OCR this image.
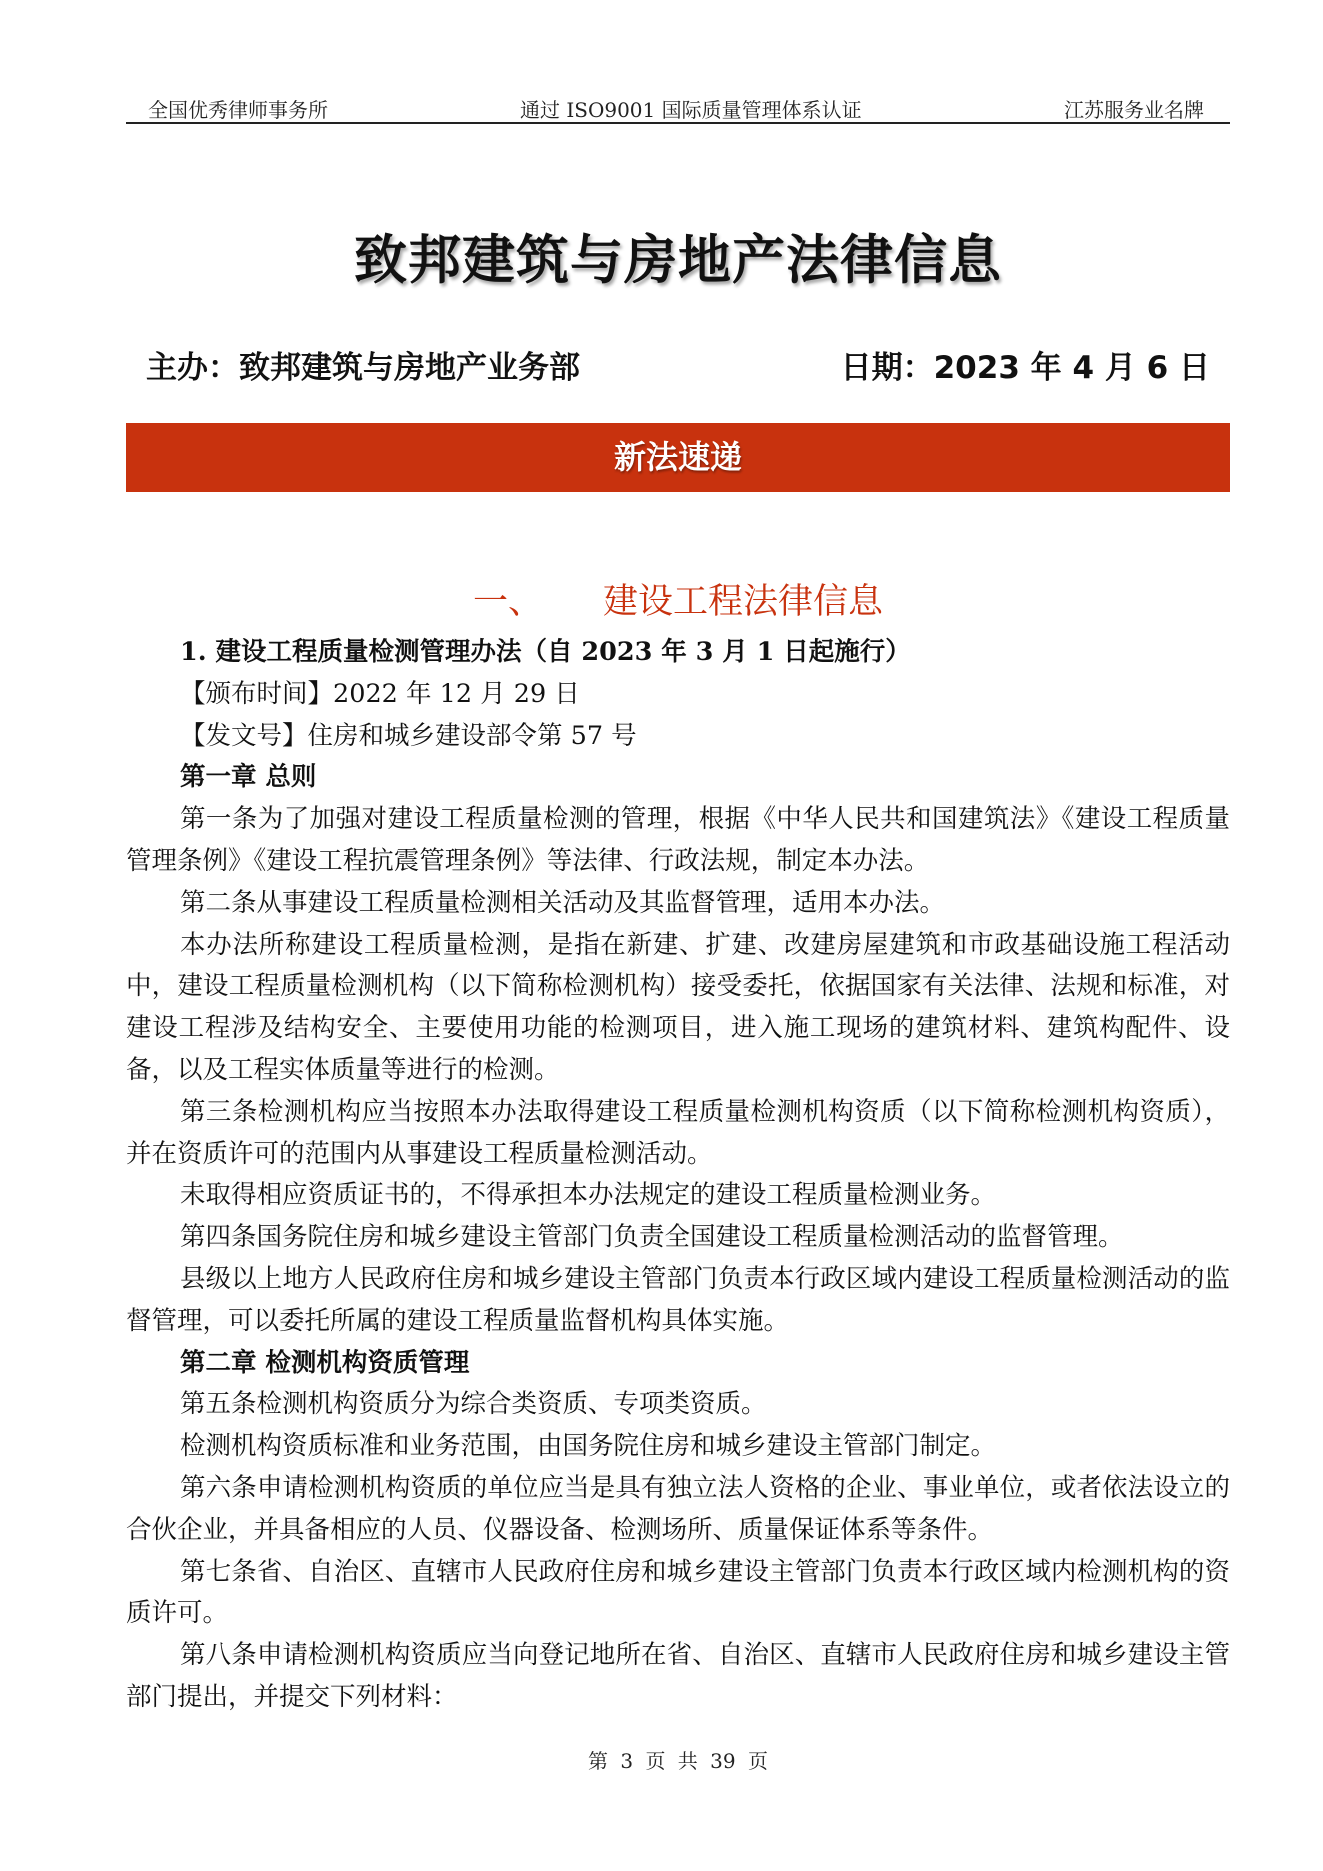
全国优秀律师事务所	通过 ISO9001 国际质量管理体系认证	江苏服务业名牌
致邦建筑与房地产法律信息
主办：致邦建筑与房地产业务部	日期：2023 年 4 月 6 日
新法速递
一、 建设工程法律信息

1. 建设工程质量检测管理办法（自 2023 年 3 月 1 日起施行）

【颁布时间】2022 年 12 月 29 日

【发文号】住房和城乡建设部令第 57 号

第一章 总则

第一条为了加强对建设工程质量检测的管理，根据《中华人民共和国建筑法》《建设工程质量管理条例》《建设工程抗震管理条例》等法律、行政法规，制定本办法。

第二条从事建设工程质量检测相关活动及其监督管理，适用本办法。

本办法所称建设工程质量检测，是指在新建、扩建、改建房屋建筑和市政基础设施工程活动中，建设工程质量检测机构（以下简称检测机构）接受委托，依据国家有关法律、法规和标准，对建设工程涉及结构安全、主要使用功能的检测项目，进入施工现场的建筑材料、建筑构配件、设备，以及工程实体质量等进行的检测。

第三条检测机构应当按照本办法取得建设工程质量检测机构资质（以下简称检测机构资质），并在资质许可的范围内从事建设工程质量检测活动。

未取得相应资质证书的，不得承担本办法规定的建设工程质量检测业务。

第四条国务院住房和城乡建设主管部门负责全国建设工程质量检测活动的监督管理。

县级以上地方人民政府住房和城乡建设主管部门负责本行政区域内建设工程质量检测活动的监督管理，可以委托所属的建设工程质量监督机构具体实施。

第二章 检测机构资质管理

第五条检测机构资质分为综合类资质、专项类资质。

检测机构资质标准和业务范围，由国务院住房和城乡建设主管部门制定。

第六条申请检测机构资质的单位应当是具有独立法人资格的企业、事业单位，或者依法设立的合伙企业，并具备相应的人员、仪器设备、检测场所、质量保证体系等条件。

第七条省、自治区、直辖市人民政府住房和城乡建设主管部门负责本行政区域内检测机构的资质许可。

第八条申请检测机构资质应当向登记地所在省、自治区、直辖市人民政府住房和城乡建设主管部门提出，并提交下列材料：

第 3 页 共 39 页
